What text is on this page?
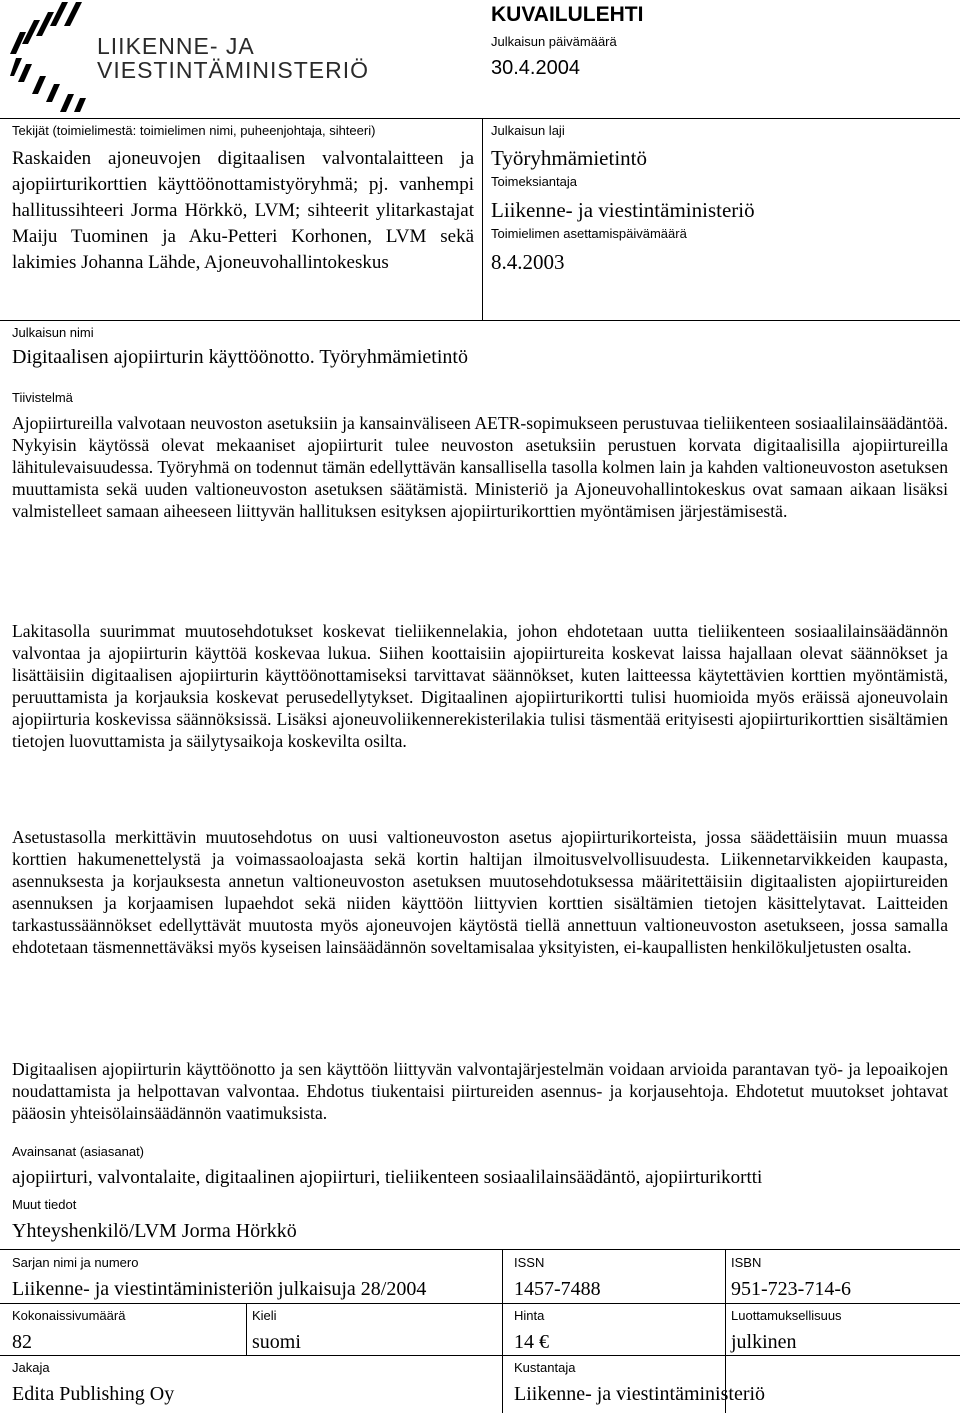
LIIKENNE- JA
VIESTINTÄMINISTERIÖ
KUVAILULEHTI
Julkaisun päivämäärä
30.4.2004
Tekijät (toimielimestä: toimielimen nimi, puheenjohtaja, sihteeri)
Raskaiden ajoneuvojen digitaalisen valvontalaitteen ja ajopiirturikorttien käyttöönottamistyöryhmä; pj. vanhempi hallitussihteeri Jorma Hörkkö, LVM; sihteerit ylitarkastajat Maiju Tuominen ja Aku-Petteri Korhonen, LVM sekä lakimies Johanna Lähde, Ajoneuvohallintokeskus
Julkaisun laji
Työryhmämietintö
Toimeksiantaja
Liikenne- ja viestintäministeriö
Toimielimen asettamispäivämäärä
8.4.2003
Julkaisun nimi
Digitaalisen ajopiirturin käyttöönotto. Työryhmämietintö
Tiivistelmä

Ajopiirtureilla valvotaan neuvoston asetuksiin ja kansainväliseen AETR-sopimukseen perustuvaa tieliikenteen sosiaalilainsäädäntöä. Nykyisin käytössä olevat mekaaniset ajopiirturit tulee neuvoston asetuksiin perustuen korvata digitaalisilla ajopiirtureilla lähitulevaisuudessa. Työryhmä on todennut tämän edellyttävän kansallisella tasolla kolmen lain ja kahden valtioneuvoston asetuksen muuttamista sekä uuden valtioneuvoston asetuksen säätämistä. Ministeriö ja Ajoneuvohallintokeskus ovat samaan aikaan lisäksi valmistelleet samaan aiheeseen liittyvän hallituksen esityksen ajopiirturikorttien myöntämisen järjestämisestä.

Lakitasolla suurimmat muutosehdotukset koskevat tieliikennelakia, johon ehdotetaan uutta tieliikenteen sosiaalilainsäädännön valvontaa ja ajopiirturin käyttöä koskevaa lukua. Siihen koottaisiin ajopiirtureita koskevat laissa hajallaan olevat säännökset ja lisättäisiin digitaalisen ajopiirturin käyttöönottamiseksi tarvittavat säännökset, kuten laitteessa käytettävien korttien myöntämistä, peruuttamista ja korjauksia koskevat perusedellytykset. Digitaalinen ajopiirturikortti tulisi huomioida myös eräissä ajoneuvolain ajopiirturia koskevissa säännöksissä. Lisäksi ajoneuvoliikennerekisterilakia tulisi täsmentää erityisesti ajopiirturikorttien sisältämien tietojen luovuttamista ja säilytysaikoja koskevilta osilta.

Asetustasolla merkittävin muutosehdotus on uusi valtioneuvoston asetus ajopiirturikorteista, jossa säädettäisiin muun muassa korttien hakumenettelystä ja voimassaoloajasta sekä kortin haltijan ilmoitusvelvollisuudesta. Liikennetarvikkeiden kaupasta, asennuksesta ja korjauksesta annetun valtioneuvoston asetuksen muutosehdotuksessa määritettäisiin digitaalisten ajopiirtureiden asennuksen ja korjaamisen lupaehdot sekä niiden käyttöön liittyvien korttien sisältämien tietojen käsittelytavat. Laitteiden tarkastussäännökset edellyttävät muutosta myös ajoneuvojen käytöstä tiellä annettuun valtioneuvoston asetukseen, jossa samalla ehdotetaan täsmennettäväksi myös kyseisen lainsäädännön soveltamisalaa yksityisten, ei-kaupallisten henkilökuljetusten osalta.

Digitaalisen ajopiirturin käyttöönotto ja sen käyttöön liittyvän valvontajärjestelmän voidaan arvioida parantavan työ- ja lepoaikojen noudattamista ja helpottavan valvontaa. Ehdotus tiukentaisi piirtureiden asennus- ja korjausehtoja. Ehdotetut muutokset johtavat pääosin yhteisölainsäädännön vaatimuksista.

Avainsanat (asiasanat)
ajopiirturi, valvontalaite, digitaalinen ajopiirturi, tieliikenteen sosiaalilainsäädäntö, ajopiirturikortti
Muut tiedot
Yhteyshenkilö/LVM Jorma Hörkkö
Sarjan nimi ja numero
Liikenne- ja viestintäministeriön julkaisuja 28/2004
ISSN
1457-7488
ISBN
951-723-714-6
Kokonaissivumäärä
82
Kieli
suomi
Hinta
14 €
Luottamuksellisuus
julkinen
Jakaja
Edita Publishing Oy
Kustantaja
Liikenne- ja viestintäministeriö
